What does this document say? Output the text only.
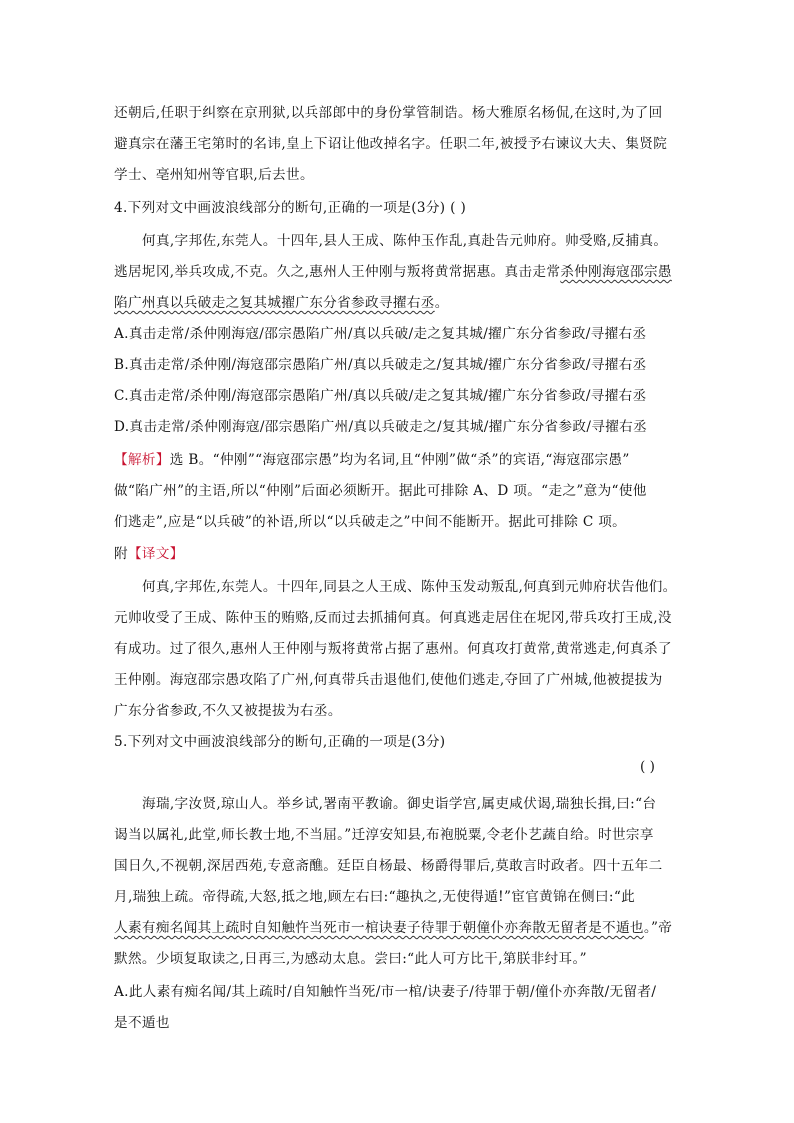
还朝后,任职于纠察在京刑狱,以兵部郎中的身份掌管制诰。杨大雅原名杨侃,在这时,为了回
避真宗在藩王宅第时的名讳,皇上下诏让他改掉名字。任职二年,被授予右谏议大夫、集贤院
学士、亳州知州等官职,后去世。
4.下列对文中画波浪线部分的断句,正确的一项是(3分) ( )
何真,字邦佐,东莞人。十四年,县人王成、陈仲玉作乱,真赴告元帅府。帅受赂,反捕真。
逃居坭冈,举兵攻成,不克。久之,惠州人王仲刚与叛将黄常据惠。真击走常杀仲刚海寇邵宗愚
陷广州真以兵破走之复其城擢广东分省参政寻擢右丞。
A.真击走常/杀仲刚海寇/邵宗愚陷广州/真以兵破/走之复其城/擢广东分省参政/寻擢右丞
B.真击走常/杀仲刚/海寇邵宗愚陷广州/真以兵破走之/复其城/擢广东分省参政/寻擢右丞
C.真击走常/杀仲刚/海寇邵宗愚陷广州/真以兵破/走之复其城/擢广东分省参政/寻擢右丞
D.真击走常/杀仲刚海寇/邵宗愚陷广州/真以兵破走之/复其城/擢广东分省参政/寻擢右丞
【解析】选 B。“仲刚”“海寇邵宗愚”均为名词,且“仲刚”做“杀”的宾语,“海寇邵宗愚”
做“陷广州”的主语,所以“仲刚”后面必须断开。据此可排除 A、D 项。“走之”意为“使他
们逃走”,应是“以兵破”的补语,所以“以兵破走之”中间不能断开。据此可排除 C 项。
附【译文】
何真,字邦佐,东莞人。十四年,同县之人王成、陈仲玉发动叛乱,何真到元帅府状告他们。
元帅收受了王成、陈仲玉的贿赂,反而过去抓捕何真。何真逃走居住在坭冈,带兵攻打王成,没
有成功。过了很久,惠州人王仲刚与叛将黄常占据了惠州。何真攻打黄常,黄常逃走,何真杀了
王仲刚。海寇邵宗愚攻陷了广州,何真带兵击退他们,使他们逃走,夺回了广州城,他被提拔为
广东分省参政,不久又被提拔为右丞。
5.下列对文中画波浪线部分的断句,正确的一项是(3分)
( )
海瑞,字汝贤,琼山人。举乡试,署南平教谕。御史诣学宫,属吏咸伏谒,瑞独长揖,曰:“台
谒当以属礼,此堂,师长教士地,不当屈。”迁淳安知县,布袍脱粟,令老仆艺蔬自给。时世宗享
国日久,不视朝,深居西苑,专意斋醮。廷臣自杨最、杨爵得罪后,莫敢言时政者。四十五年二
月,瑞独上疏。帝得疏,大怒,抵之地,顾左右曰:“趣执之,无使得遁!”宦官黄锦在侧曰:“此
人素有痴名闻其上疏时自知触忤当死市一棺诀妻子待罪于朝僮仆亦奔散无留者是不遁也。”帝
默然。少顷复取读之,日再三,为感动太息。尝曰:“此人可方比干,第朕非纣耳。”
A.此人素有痴名闻/其上疏时/自知触忤当死/市一棺/诀妻子/待罪于朝/僮仆亦奔散/无留者/
是不遁也
